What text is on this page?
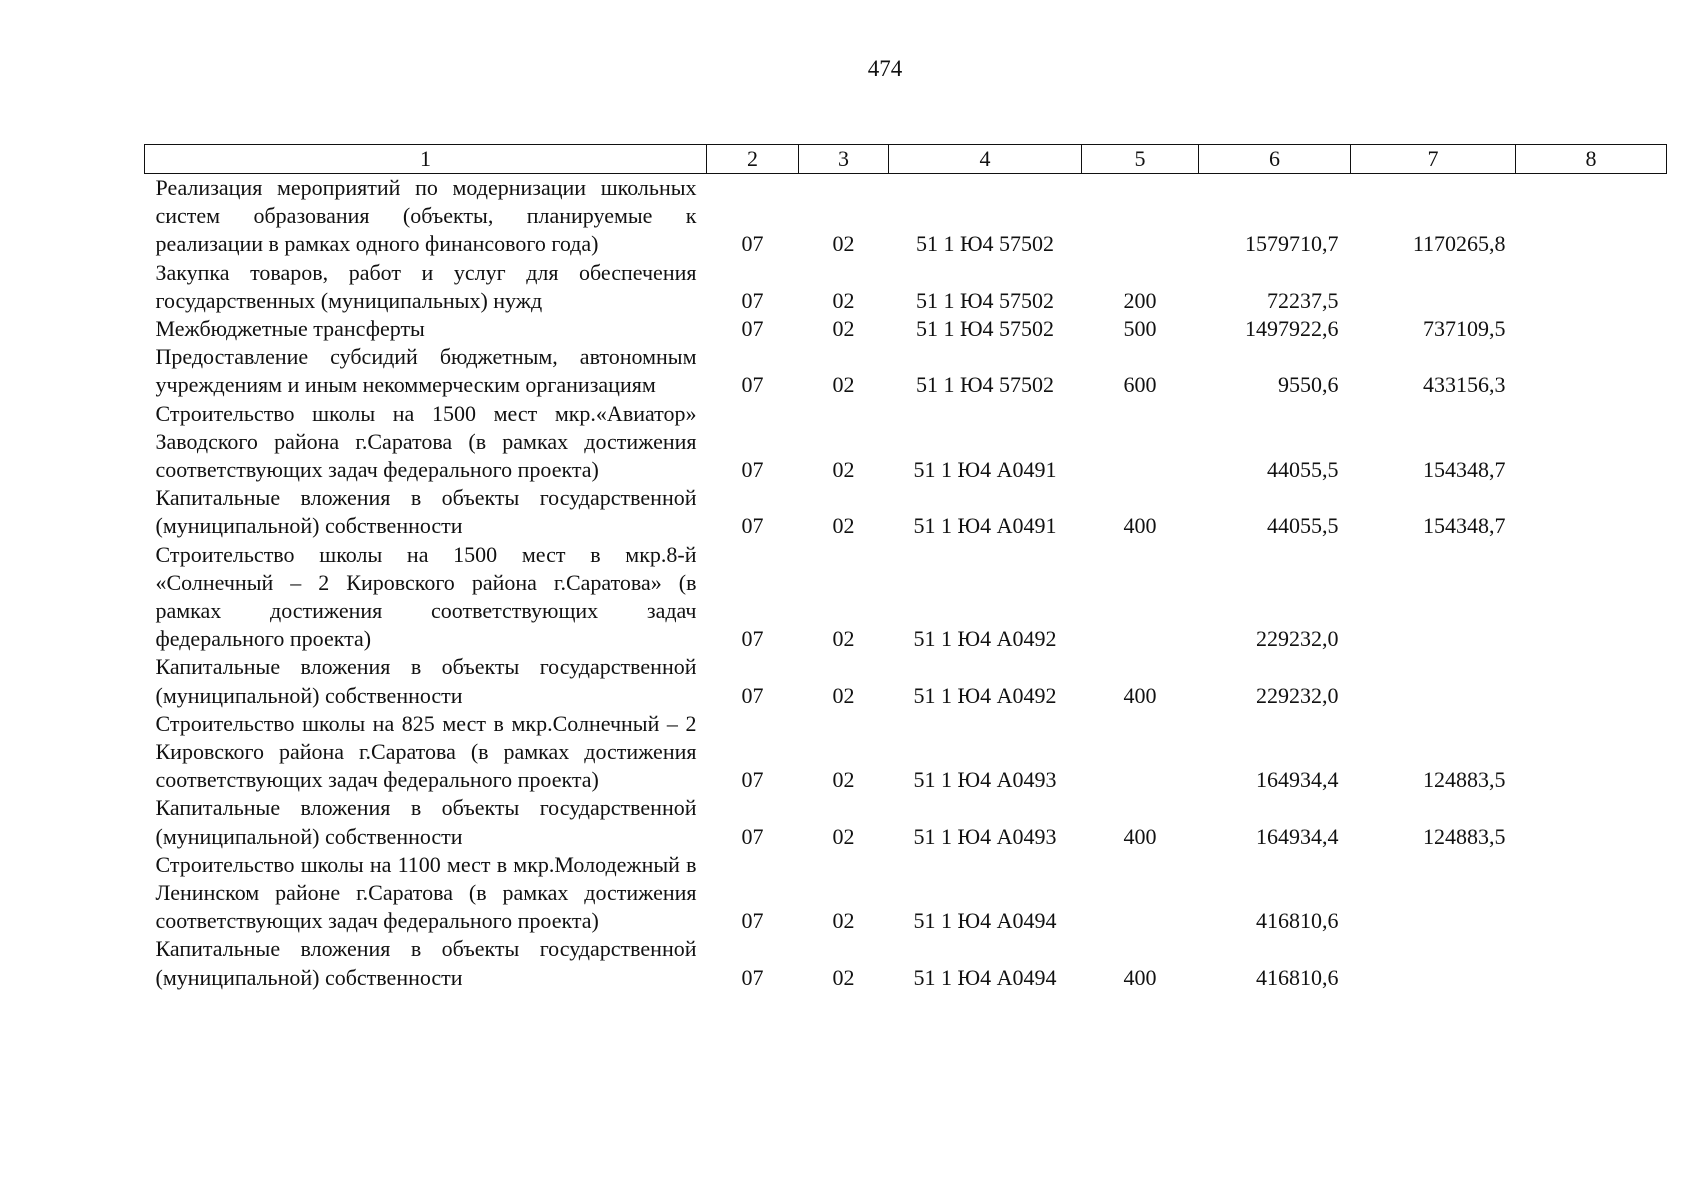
474
1	2	3	4	5	6	7	8
Реализация мероприятий по модернизации школьных систем образования (объекты, планируемые к реализации в рамках одного финансового года)	07	02	51 1 Ю4 57502		1579710,7	1170265,8	
Закупка товаров, работ и услуг для обеспечения государственных (муниципальных) нужд	07	02	51 1 Ю4 57502	200	72237,5		
Межбюджетные трансферты	07	02	51 1 Ю4 57502	500	1497922,6	737109,5	
Предоставление субсидий бюджетным, автономным учреждениям и иным некоммерческим организациям	07	02	51 1 Ю4 57502	600	9550,6	433156,3	
Строительство школы на 1500 мест мкр.«Авиатор» Заводского района г.Саратова (в рамках достижения соответствующих задач федерального проекта)	07	02	51 1 Ю4 А0491		44055,5	154348,7	
Капитальные вложения в объекты государственной (муниципальной) собственности	07	02	51 1 Ю4 А0491	400	44055,5	154348,7	
Строительство школы на 1500 мест в мкр.8-й «Солнечный – 2 Кировского района г.Саратова» (в рамках достижения соответствующих задач федерального проекта)	07	02	51 1 Ю4 А0492		229232,0		
Капитальные вложения в объекты государственной (муниципальной) собственности	07	02	51 1 Ю4 А0492	400	229232,0		
Строительство школы на 825 мест в мкр.Солнечный – 2 Кировского района г.Саратова (в рамках достижения соответствующих задач федерального проекта)	07	02	51 1 Ю4 А0493		164934,4	124883,5	
Капитальные вложения в объекты государственной (муниципальной) собственности	07	02	51 1 Ю4 А0493	400	164934,4	124883,5	
Строительство школы на 1100 мест в мкр.Молодежный в Ленинском районе г.Саратова (в рамках достижения соответствующих задач федерального проекта)	07	02	51 1 Ю4 А0494		416810,6		
Капитальные вложения в объекты государственной (муниципальной) собственности	07	02	51 1 Ю4 А0494	400	416810,6		
